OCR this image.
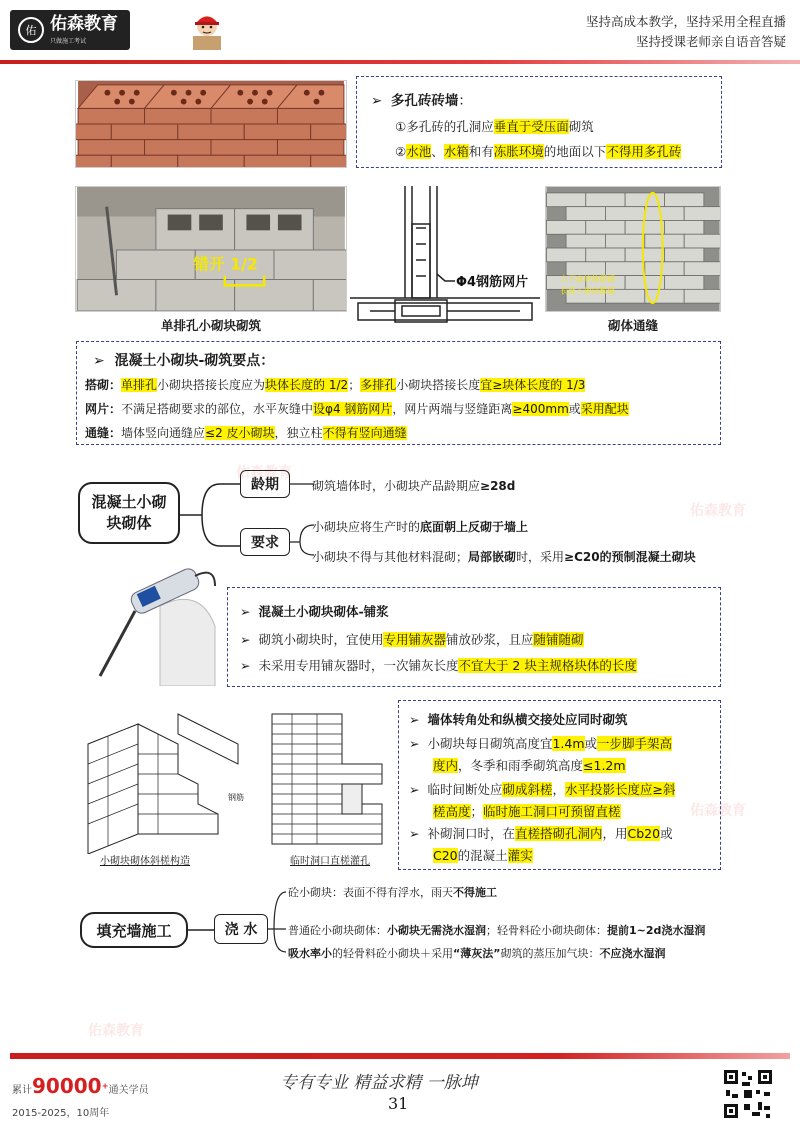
佑 佑森教育
只做施工考试
坚持高成本教学，坚持采用全程直播
坚持授课老师亲自语音答疑
➢ 多孔砖砖墙：
①多孔砖的孔洞应垂直于受压面砌筑
②水池、水箱和有冻胀环境的地面以下不得用多孔砖
错开 1/2
单排孔小砌块砌筑
Φ4钢筋网片	上下皮块体搭接
长度＜规定数值
砌体通缝
➢ 混凝土小砌块-砌筑要点：
搭砌：单排孔小砌块搭接长度应为块体长度的 1/2；多排孔小砌块搭接长度宜≥块体长度的 1/3
网片：不满足搭砌要求的部位，水平灰缝中设φ4 钢筋网片，网片两端与竖缝距离≥400mm或采用配块
通缝：墙体竖向通缝应≤2 皮小砌块，独立柱不得有竖向通缝
混凝土小砌块砌体
龄期
要求
砌筑墙体时，小砌块产品龄期应≥28d
小砌块应将生产时的底面朝上反砌于墙上
小砌块不得与其他材料混砌；局部嵌砌时，采用≥C20的预制混凝土砌块
➢ 混凝土小砌块砌体-铺浆
➢ 砌筑小砌块时，宜使用专用铺灰器铺放砂浆，且应随铺随砌
➢ 未采用专用铺灰器时，一次铺灰长度不宜大于 2 块主规格块体的长度
钢筋
小砌块砌体斜槎构造	临时洞口直槎灌孔
➢ 墙体转角处和纵横交接处应同时砌筑
➢ 小砌块每日砌筑高度宜1.4m或一步脚手架高
度内，冬季和雨季砌筑高度≤1.2m
➢ 临时间断处应砌成斜槎，水平投影长度应≥斜
槎高度；临时施工洞口可预留直槎
➢ 补砌洞口时，在直槎搭砌孔洞内，用Cb20或
C20的混凝土灌实
填充墙施工	浇 水
砼小砌块：表面不得有浮水，雨天不得施工
普通砼小砌块砌体：小砌块无需浇水湿润；轻骨料砼小砌块砌体：提前1~2d浇水湿润
吸水率小的轻骨料砼小砌块＋采用“薄灰法”砌筑的蒸压加气块：不应浇水湿润
佑森教育
佑森教育
佑森教育
佑森教育
累计90000+通关学员
2015-2025，10周年
专有专业 精益求精 一脉坤
31
